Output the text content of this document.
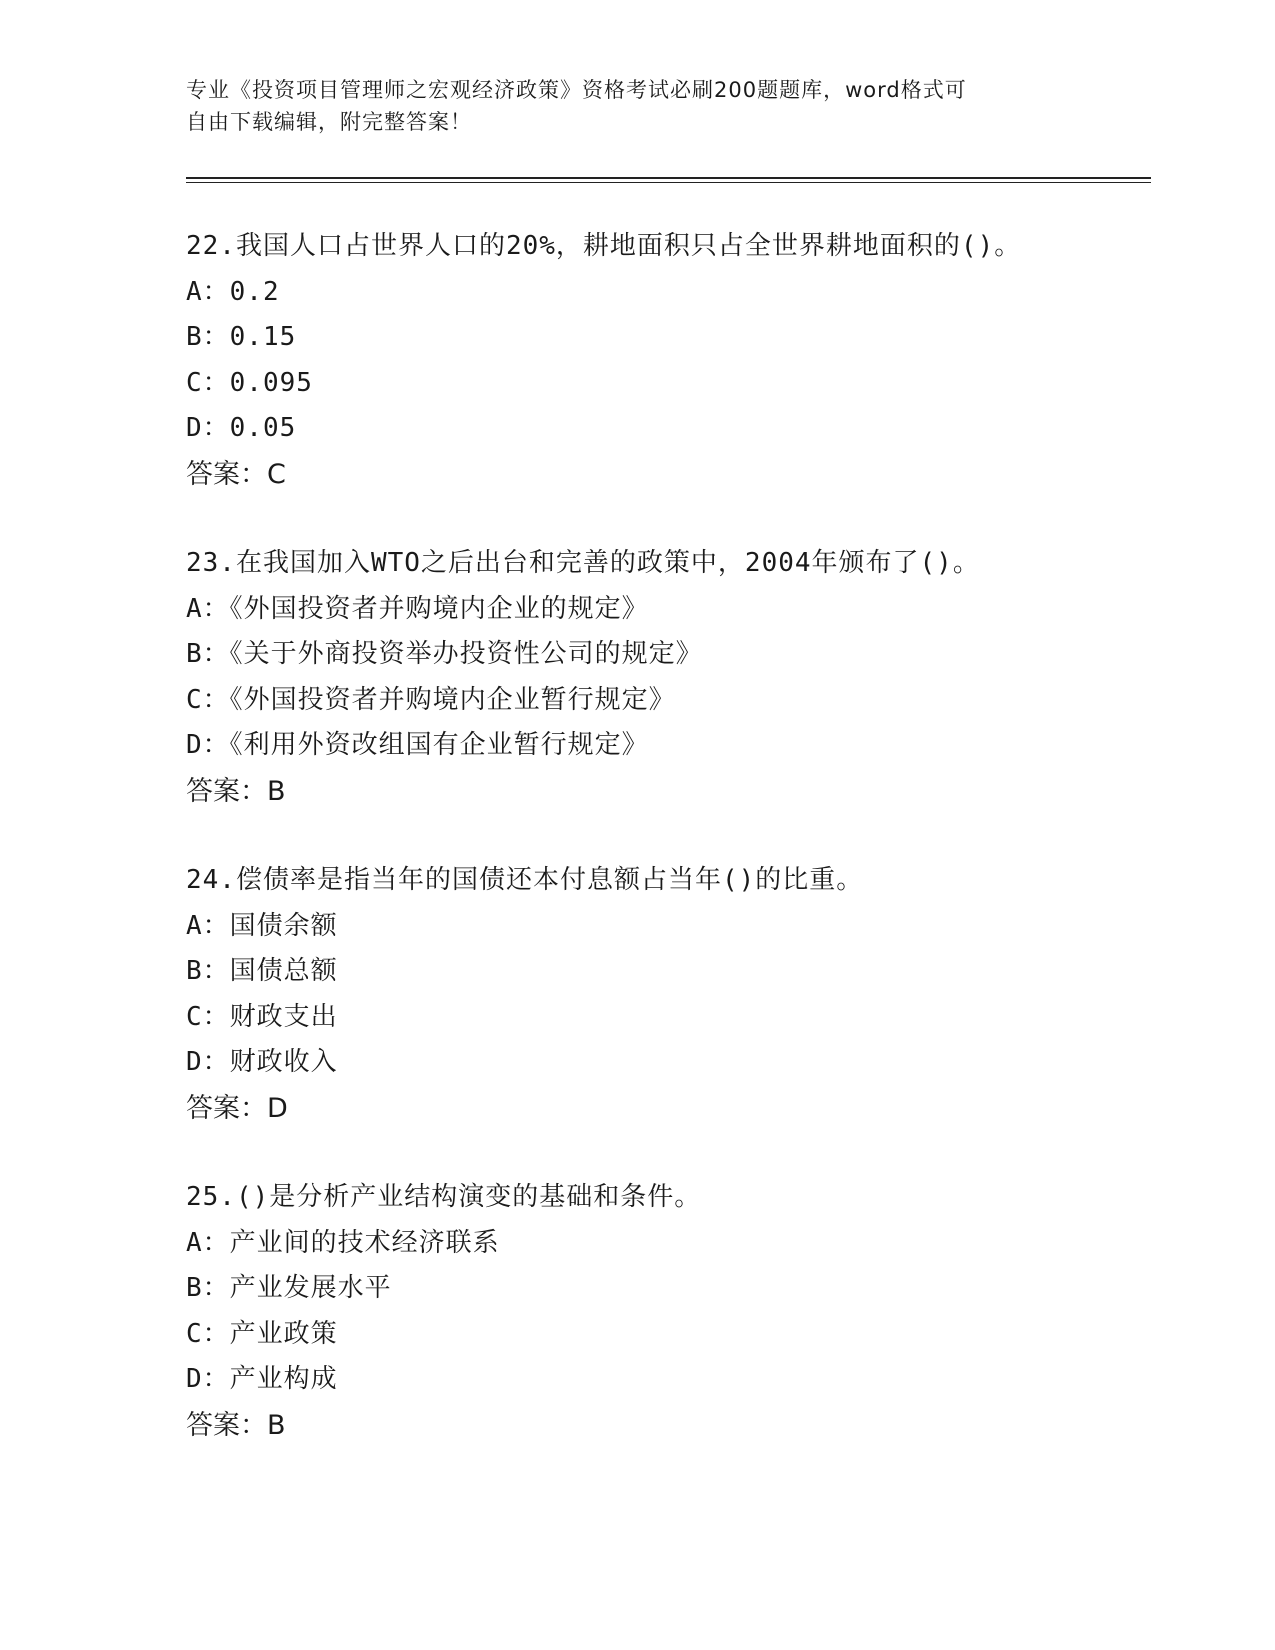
专业《投资项目管理师之宏观经济政策》资格考试必刷200题题库，word格式可
自由下载编辑，附完整答案！
22.我国人口占世界人口的20%，耕地面积只占全世界耕地面积的()。
A：0.2
B：0.15
C：0.095
D：0.05
答案：C
23.在我国加入WTO之后出台和完善的政策中，2004年颁布了()。
A：《外国投资者并购境内企业的规定》
B：《关于外商投资举办投资性公司的规定》
C：《外国投资者并购境内企业暂行规定》
D：《利用外资改组国有企业暂行规定》
答案：B
24.偿债率是指当年的国债还本付息额占当年()的比重。
A：国债余额
B：国债总额
C：财政支出
D：财政收入
答案：D
25.()是分析产业结构演变的基础和条件。
A：产业间的技术经济联系
B：产业发展水平
C：产业政策
D：产业构成
答案：B
